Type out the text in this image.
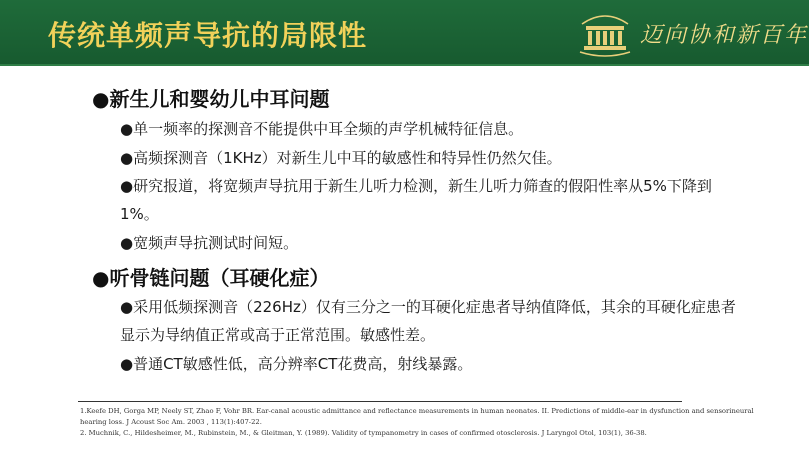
传统单频声导抗的局限性	迈向协和新百年
●新生儿和婴幼儿中耳问题
●单一频率的探测音不能提供中耳全频的声学机械特征信息。
●高频探测音（1KHz）对新生儿中耳的敏感性和特异性仍然欠佳。
●研究报道，将宽频声导抗用于新生儿听力检测，新生儿听力筛查的假阳性率从5%下降到
1%。
●宽频声导抗测试时间短。
●听骨链问题（耳硬化症）
●采用低频探测音（226Hz）仅有三分之一的耳硬化症患者导纳值降低，其余的耳硬化症患者
显示为导纳值正常或高于正常范围。敏感性差。
●普通CT敏感性低，高分辨率CT花费高，射线暴露。
1.Keefe DH, Gorga MP, Neely ST, Zhao F, Vohr BR. Ear-canal acoustic admittance and reflectance measurements in human neonates. II. Predictions of middle-ear in dysfunction and sensorineural
hearing loss. J Acoust Soc Am. 2003 , 113(1):407-22.
2. Muchnik, C., Hildesheimer, M., Rubinstein, M., & Gleitman, Y. (1989). Validity of tympanometry in cases of confirmed otosclerosis. J Laryngol Otol, 103(1), 36-38.
